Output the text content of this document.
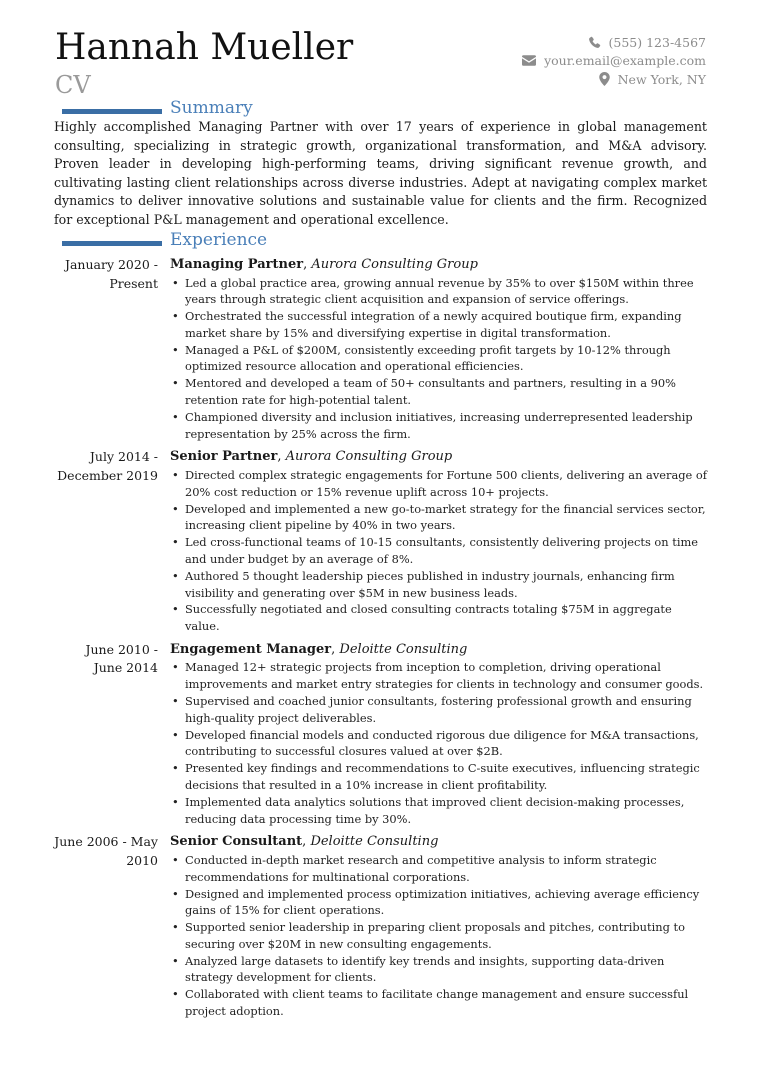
Hannah Mueller
CV
(555) 123-4567
your.email@example.com
New York, NY
Summary

Highly accomplished Managing Partner with over 17 years of experience in global management consulting, specializing in strategic growth, organizational transformation, and M&A advisory. Proven leader in developing high-performing teams, driving significant revenue growth, and cultivating lasting client relationships across diverse industries. Adept at navigating complex market dynamics to deliver innovative solutions and sustainable value for clients and the firm. Recognized for exceptional P&L management and operational excellence.

Experience
January 2020 - Present
Managing Partner, Aurora Consulting Group
• Led a global practice area, growing annual revenue by 35% to over $150M within three years through strategic client acquisition and expansion of service offerings.
• Orchestrated the successful integration of a newly acquired boutique firm, expanding market share by 15% and diversifying expertise in digital transformation.
• Managed a P&L of $200M, consistently exceeding profit targets by 10-12% through optimized resource allocation and operational efficiencies.
• Mentored and developed a team of 50+ consultants and partners, resulting in a 90% retention rate for high-potential talent.
• Championed diversity and inclusion initiatives, increasing underrepresented leadership representation by 25% across the firm.
July 2014 - December 2019
Senior Partner, Aurora Consulting Group
• Directed complex strategic engagements for Fortune 500 clients, delivering an average of 20% cost reduction or 15% revenue uplift across 10+ projects.
• Developed and implemented a new go-to-market strategy for the financial services sector, increasing client pipeline by 40% in two years.
• Led cross-functional teams of 10-15 consultants, consistently delivering projects on time and under budget by an average of 8%.
• Authored 5 thought leadership pieces published in industry journals, enhancing firm visibility and generating over $5M in new business leads.
• Successfully negotiated and closed consulting contracts totaling $75M in aggregate value.
June 2010 - June 2014
Engagement Manager, Deloitte Consulting
• Managed 12+ strategic projects from inception to completion, driving operational improvements and market entry strategies for clients in technology and consumer goods.
• Supervised and coached junior consultants, fostering professional growth and ensuring high-quality project deliverables.
• Developed financial models and conducted rigorous due diligence for M&A transactions, contributing to successful closures valued at over $2B.
• Presented key findings and recommendations to C-suite executives, influencing strategic decisions that resulted in a 10% increase in client profitability.
• Implemented data analytics solutions that improved client decision-making processes, reducing data processing time by 30%.
June 2006 - May 2010
Senior Consultant, Deloitte Consulting
• Conducted in-depth market research and competitive analysis to inform strategic recommendations for multinational corporations.
• Designed and implemented process optimization initiatives, achieving average efficiency gains of 15% for client operations.
• Supported senior leadership in preparing client proposals and pitches, contributing to securing over $20M in new consulting engagements.
• Analyzed large datasets to identify key trends and insights, supporting data-driven strategy development for clients.
• Collaborated with client teams to facilitate change management and ensure successful project adoption.
